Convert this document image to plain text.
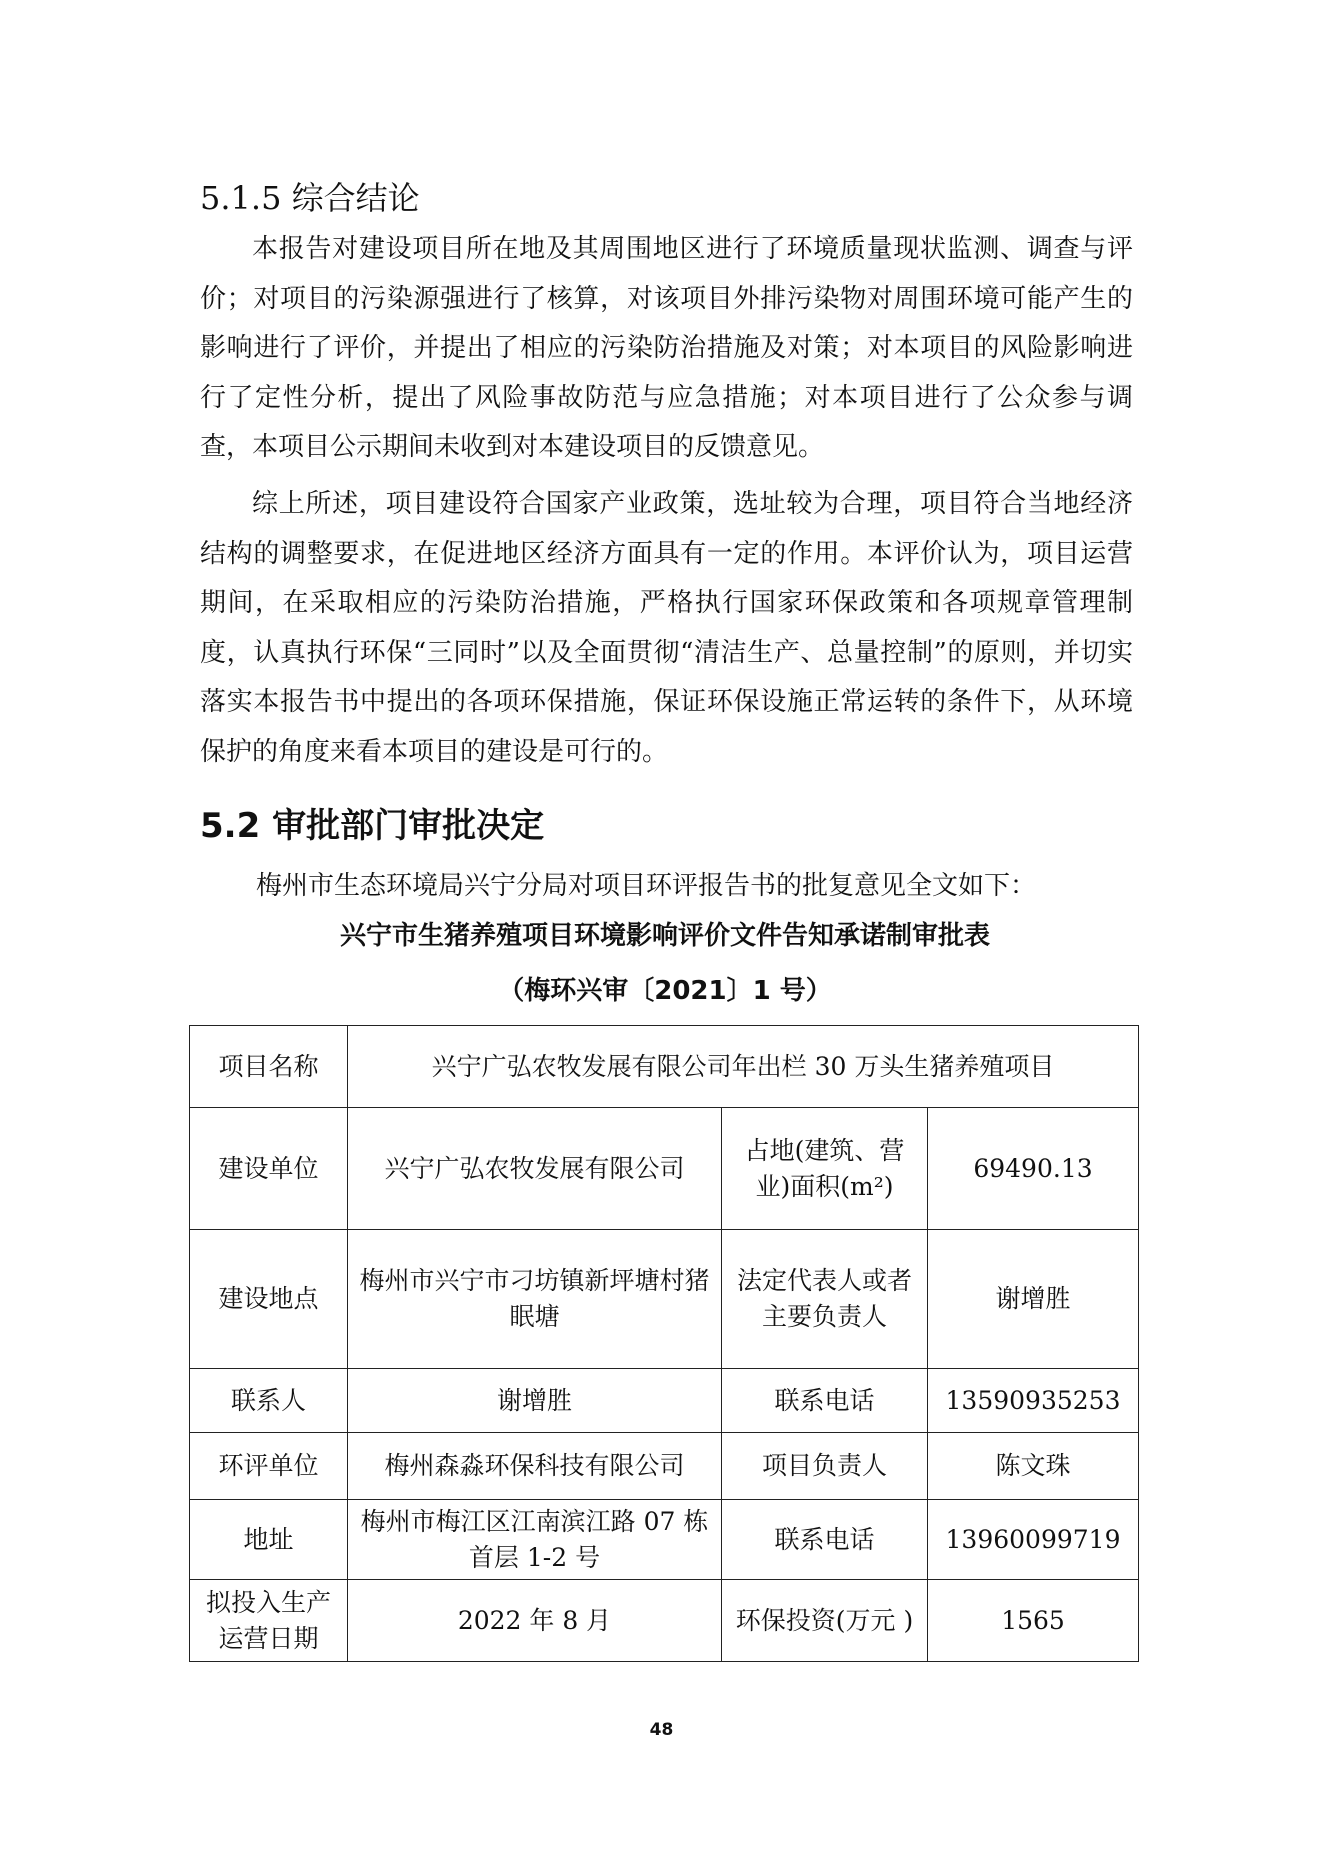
5.1.5 综合结论

本报告对建设项目所在地及其周围地区进行了环境质量现状监测、调查与评价；对项目的污染源强进行了核算，对该项目外排污染物对周围环境可能产生的影响进行了评价，并提出了相应的污染防治措施及对策；对本项目的风险影响进行了定性分析，提出了风险事故防范与应急措施；对本项目进行了公众参与调查，本项目公示期间未收到对本建设项目的反馈意见。

综上所述，项目建设符合国家产业政策，选址较为合理，项目符合当地经济结构的调整要求，在促进地区经济方面具有一定的作用。本评价认为，项目运营期间，在采取相应的污染防治措施，严格执行国家环保政策和各项规章管理制度，认真执行环保“三同时”以及全面贯彻“清洁生产、总量控制”的原则，并切实落实本报告书中提出的各项环保措施，保证环保设施正常运转的条件下，从环境保护的角度来看本项目的建设是可行的。

5.2 审批部门审批决定

梅州市生态环境局兴宁分局对项目环评报告书的批复意见全文如下：

兴宁市生猪养殖项目环境影响评价文件告知承诺制审批表

（梅环兴审〔2021〕1 号）

项目名称	兴宁广弘农牧发展有限公司年出栏 30 万头生猪养殖项目		
建设单位	兴宁广弘农牧发展有限公司	占地(建筑、营业)面积(m²)	69490.13
建设地点	梅州市兴宁市刁坊镇新坪塘村猪眠塘	法定代表人或者主要负责人	谢增胜
联系人	谢增胜	联系电话	13590935253
环评单位	梅州森淼环保科技有限公司	项目负责人	陈文珠
地址	梅州市梅江区江南滨江路 07 栋首层 1-2 号	联系电话	13960099719
拟投入生产运营日期	2022 年 8 月	环保投资(万元 )	1565
48
